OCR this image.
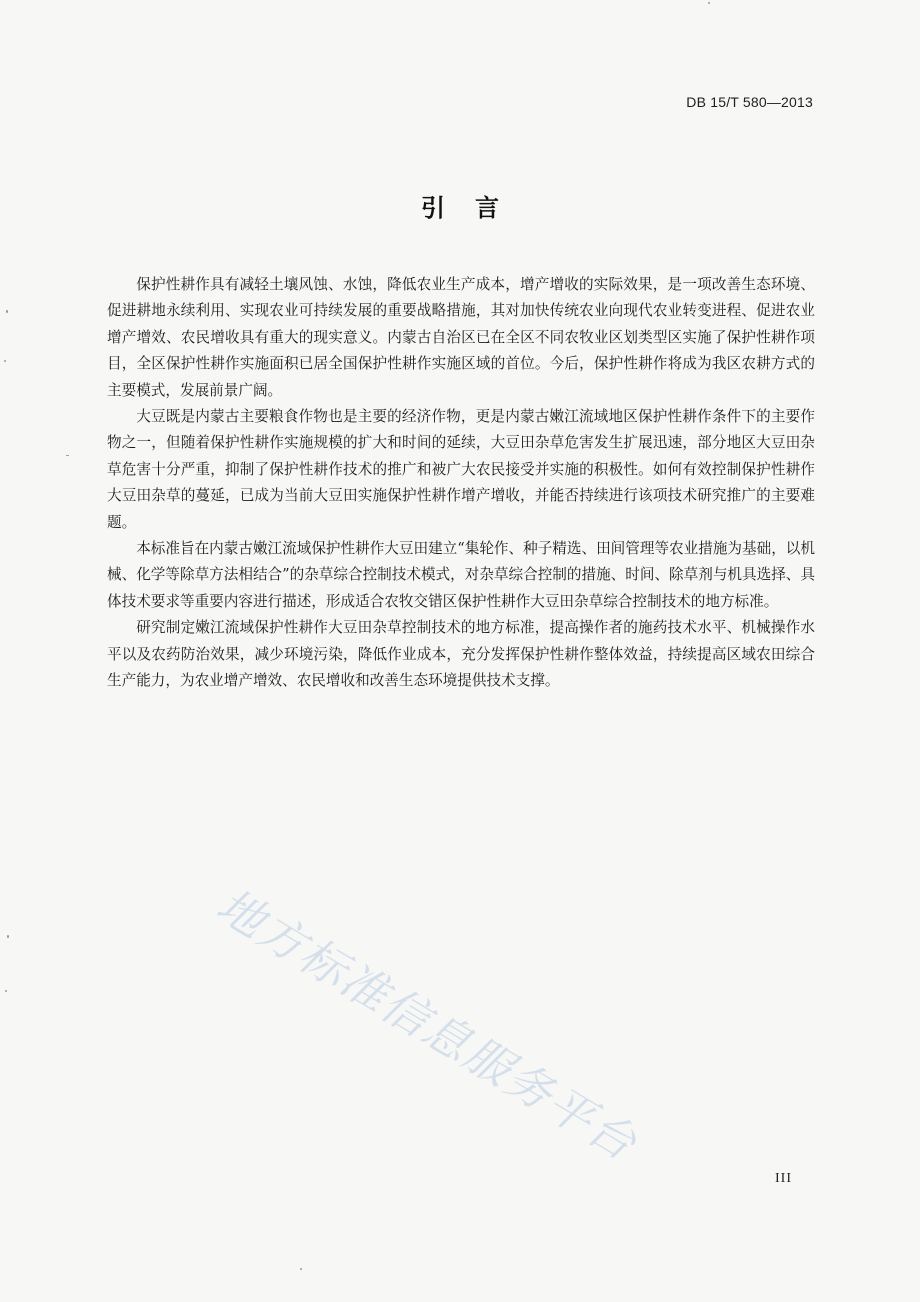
DB 15/T 580—2013
引言

保护性耕作具有减轻土壤风蚀、水蚀，降低农业生产成本，增产增收的实际效果，是一项改善生态环境、促进耕地永续利用、实现农业可持续发展的重要战略措施，其对加快传统农业向现代农业转变进程、促进农业增产增效、农民增收具有重大的现实意义。内蒙古自治区已在全区不同农牧业区划类型区实施了保护性耕作项目，全区保护性耕作实施面积已居全国保护性耕作实施区域的首位。今后，保护性耕作将成为我区农耕方式的主要模式，发展前景广阔。

大豆既是内蒙古主要粮食作物也是主要的经济作物，更是内蒙古嫩江流域地区保护性耕作条件下的主要作物之一，但随着保护性耕作实施规模的扩大和时间的延续，大豆田杂草危害发生扩展迅速，部分地区大豆田杂草危害十分严重，抑制了保护性耕作技术的推广和被广大农民接受并实施的积极性。如何有效控制保护性耕作大豆田杂草的蔓延，已成为当前大豆田实施保护性耕作增产增收，并能否持续进行该项技术研究推广的主要难题。

本标准旨在内蒙古嫩江流域保护性耕作大豆田建立“集轮作、种子精选、田间管理等农业措施为基础，以机械、化学等除草方法相结合”的杂草综合控制技术模式，对杂草综合控制的措施、时间、除草剂与机具选择、具体技术要求等重要内容进行描述，形成适合农牧交错区保护性耕作大豆田杂草综合控制技术的地方标准。

研究制定嫩江流域保护性耕作大豆田杂草控制技术的地方标准，提高操作者的施药技术水平、机械操作水平以及农药防治效果，减少环境污染，降低作业成本，充分发挥保护性耕作整体效益，持续提高区域农田综合生产能力，为农业增产增效、农民增收和改善生态环境提供技术支撑。

地方标准信息服务平台
III
